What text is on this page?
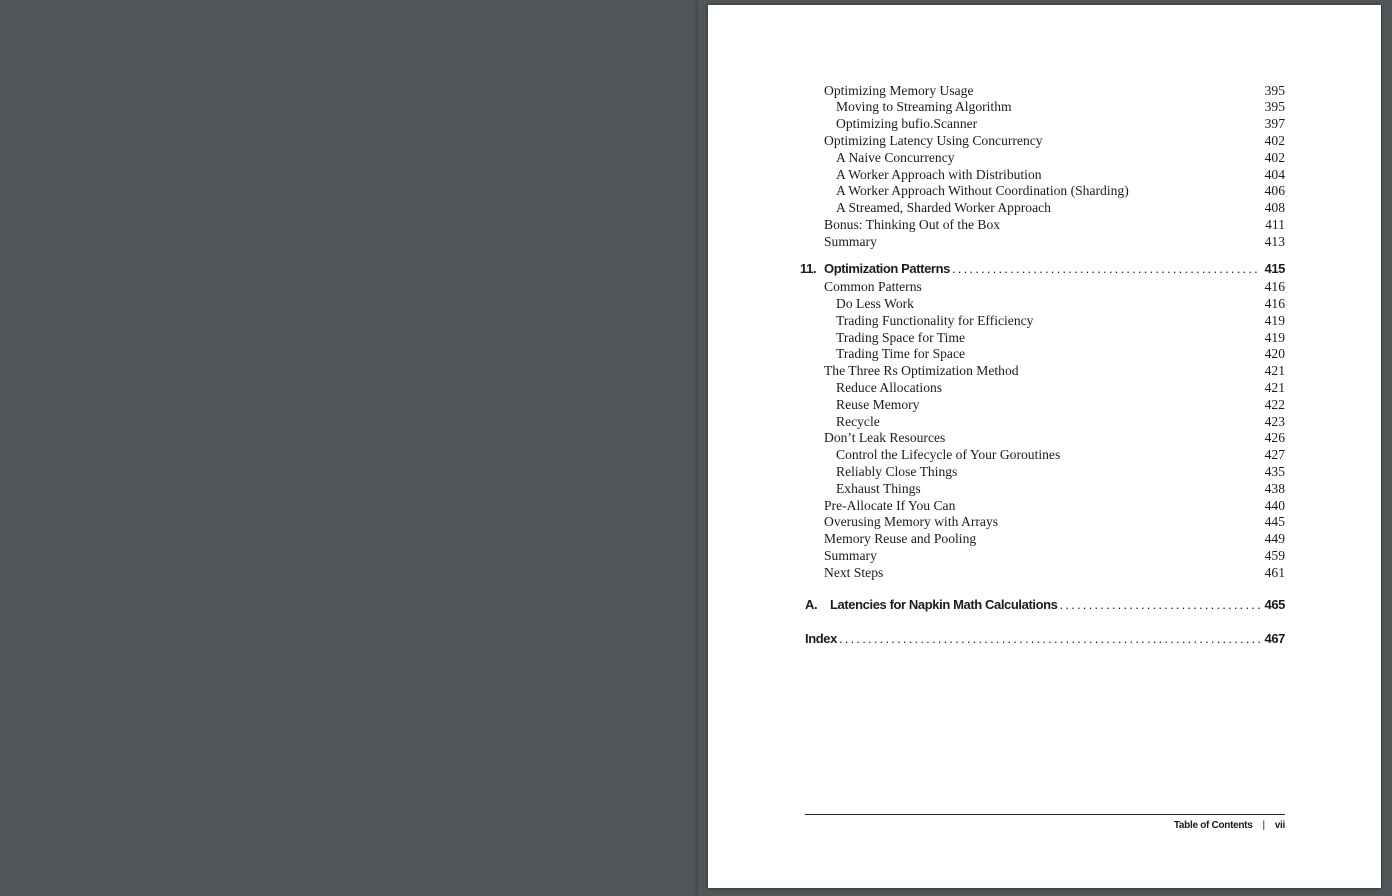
Optimizing Memory Usage	395
Moving to Streaming Algorithm	395
Optimizing bufio.Scanner	397
Optimizing Latency Using Concurrency	402
A Naive Concurrency	402
A Worker Approach with Distribution	404
A Worker Approach Without Coordination (Sharding)	406
A Streamed, Sharded Worker Approach	408
Bonus: Thinking Out of the Box	411
Summary	413
11. Optimization Patterns .....	415
Common Patterns	416
Do Less Work	416
Trading Functionality for Efficiency	419
Trading Space for Time	419
Trading Time for Space	420
The Three Rs Optimization Method	421
Reduce Allocations	421
Reuse Memory	422
Recycle	423
Don’t Leak Resources	426
Control the Lifecycle of Your Goroutines	427
Reliably Close Things	435
Exhaust Things	438
Pre-Allocate If You Can	440
Overusing Memory with Arrays	445
Memory Reuse and Pooling	449
Summary	459
Next Steps	461
A. Latencies for Napkin Math Calculations .....	465
Index .....	467
Table of Contents | vii
